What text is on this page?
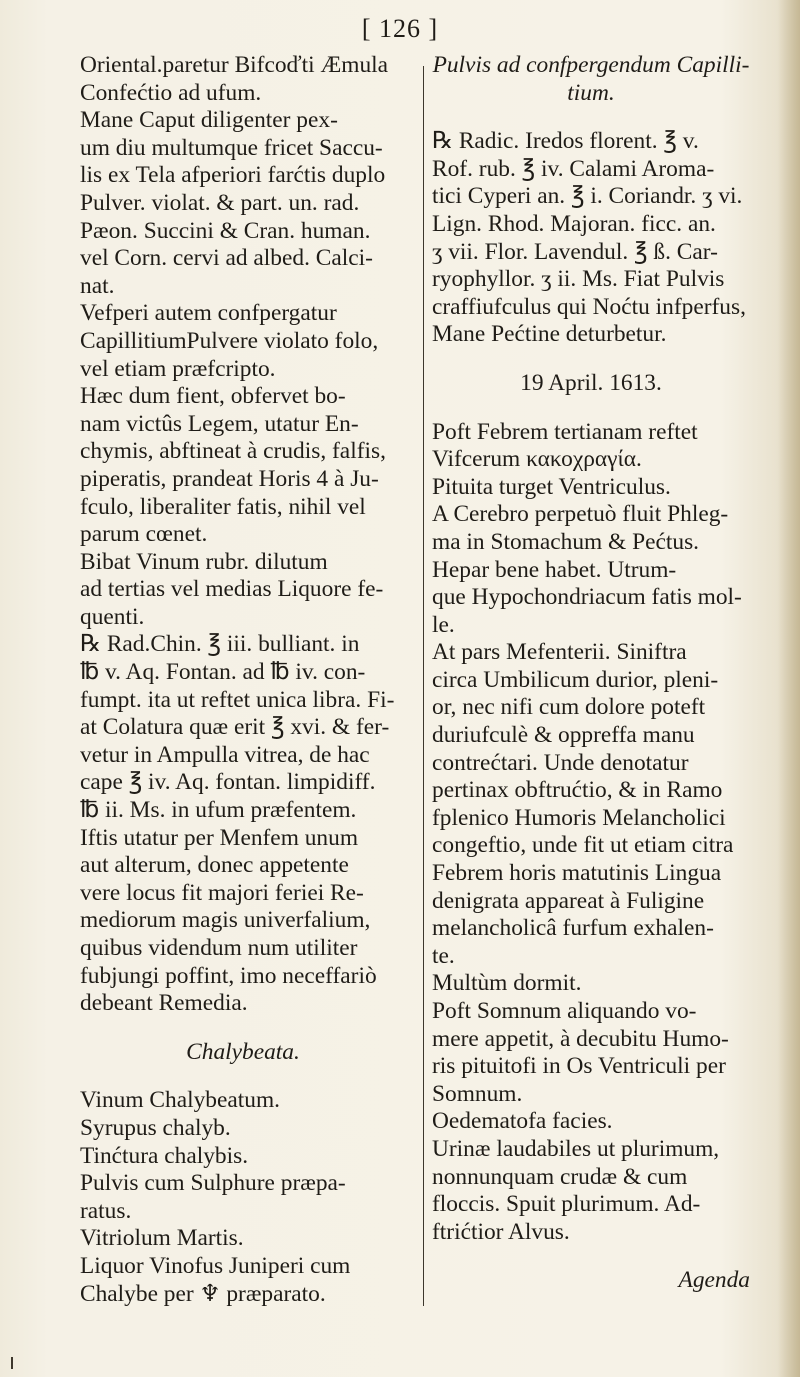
[ 126 ]
Oriental.paretur Bifcoďti Æmula
Confećtio ad ufum.
Mane Caput diligenter pex-
um diu multumque fricet Saccu-
lis ex Tela afperiori farćtis duplo
Pulver. violat. & part. un. rad.
Pæon. Succini & Cran. human.
vel Corn. cervi ad albed. Calci-
nat.
Vefperi autem confpergatur
CapillitiumPulvere violato folo,
vel etiam præfcripto.
Hæc dum fient, obfervet bo-
nam victûs Legem, utatur En-
chymis, abftineat à crudis, falfis,
piperatis, prandeat Horis 4 à Ju-
fculo, liberaliter fatis, nihil vel
parum cœnet.
Bibat Vinum rubr. dilutum
ad tertias vel medias Liquore fe-
quenti.
℞ Rad.Chin. ℥ iii. bulliant. in
℔ v. Aq. Fontan. ad ℔ iv. con-
fumpt. ita ut reftet unica libra. Fi-
at Colatura quæ erit ℥ xvi. & fer-
vetur in Ampulla vitrea, de hac
cape ℥ iv. Aq. fontan. limpidiff.
℔ ii. Ms. in ufum præfentem.
Iftis utatur per Menfem unum
aut alterum, donec appetente
vere locus fit majori feriei Re-
mediorum magis univerfalium,
quibus videndum num utiliter
fubjungi poffint, imo neceffariò
debeant Remedia.
Chalybeata.
Vinum Chalybeatum.
Syrupus chalyb.
Tinćtura chalybis.
Pulvis cum Sulphure præpa-
ratus.
Vitriolum Martis.
Liquor Vinofus Juniperi cum
Chalybe per ♆ præparato.
Pulvis ad confpergendum Capilli-
tium.
℞ Radic. Iredos florent. ℥ v.
Rof. rub. ℥ iv. Calami Aroma-
tici Cyperi an. ℥ i. Coriandr. ʒ vi.
Lign. Rhod. Majoran. ficc. an.
ʒ vii. Flor. Lavendul. ℥ ß. Car-
ryophyllor. ʒ ii. Ms. Fiat Pulvis
craffiufculus qui Noćtu infperfus,
Mane Pećtine deturbetur.
19 April. 1613.
Poft Febrem tertianam reftet
Vifcerum κακοχραγία.
Pituita turget Ventriculus.
A Cerebro perpetuò fluit Phleg-
ma in Stomachum & Pećtus.
Hepar bene habet. Utrum-
que Hypochondriacum fatis mol-
le.
At pars Mefenterii. Siniftra
circa Umbilicum durior, pleni-
or, nec nifi cum dolore poteft
duriufculè & oppreffa manu
contrećtari. Unde denotatur
pertinax obftrućtio, & in Ramo
fplenico Humoris Melancholici
congeftio, unde fit ut etiam citra
Febrem horis matutinis Lingua
denigrata appareat à Fuligine
melancholicâ furfum exhalen-
te.
Multùm dormit.
Poft Somnum aliquando vo-
mere appetit, à decubitu Humo-
ris pituitofi in Os Ventriculi per
Somnum.
Oedematofa facies.
Urinæ laudabiles ut plurimum,
nonnunquam crudæ & cum
floccis. Spuit plurimum. Ad-
ftrićtior Alvus.
Agenda
